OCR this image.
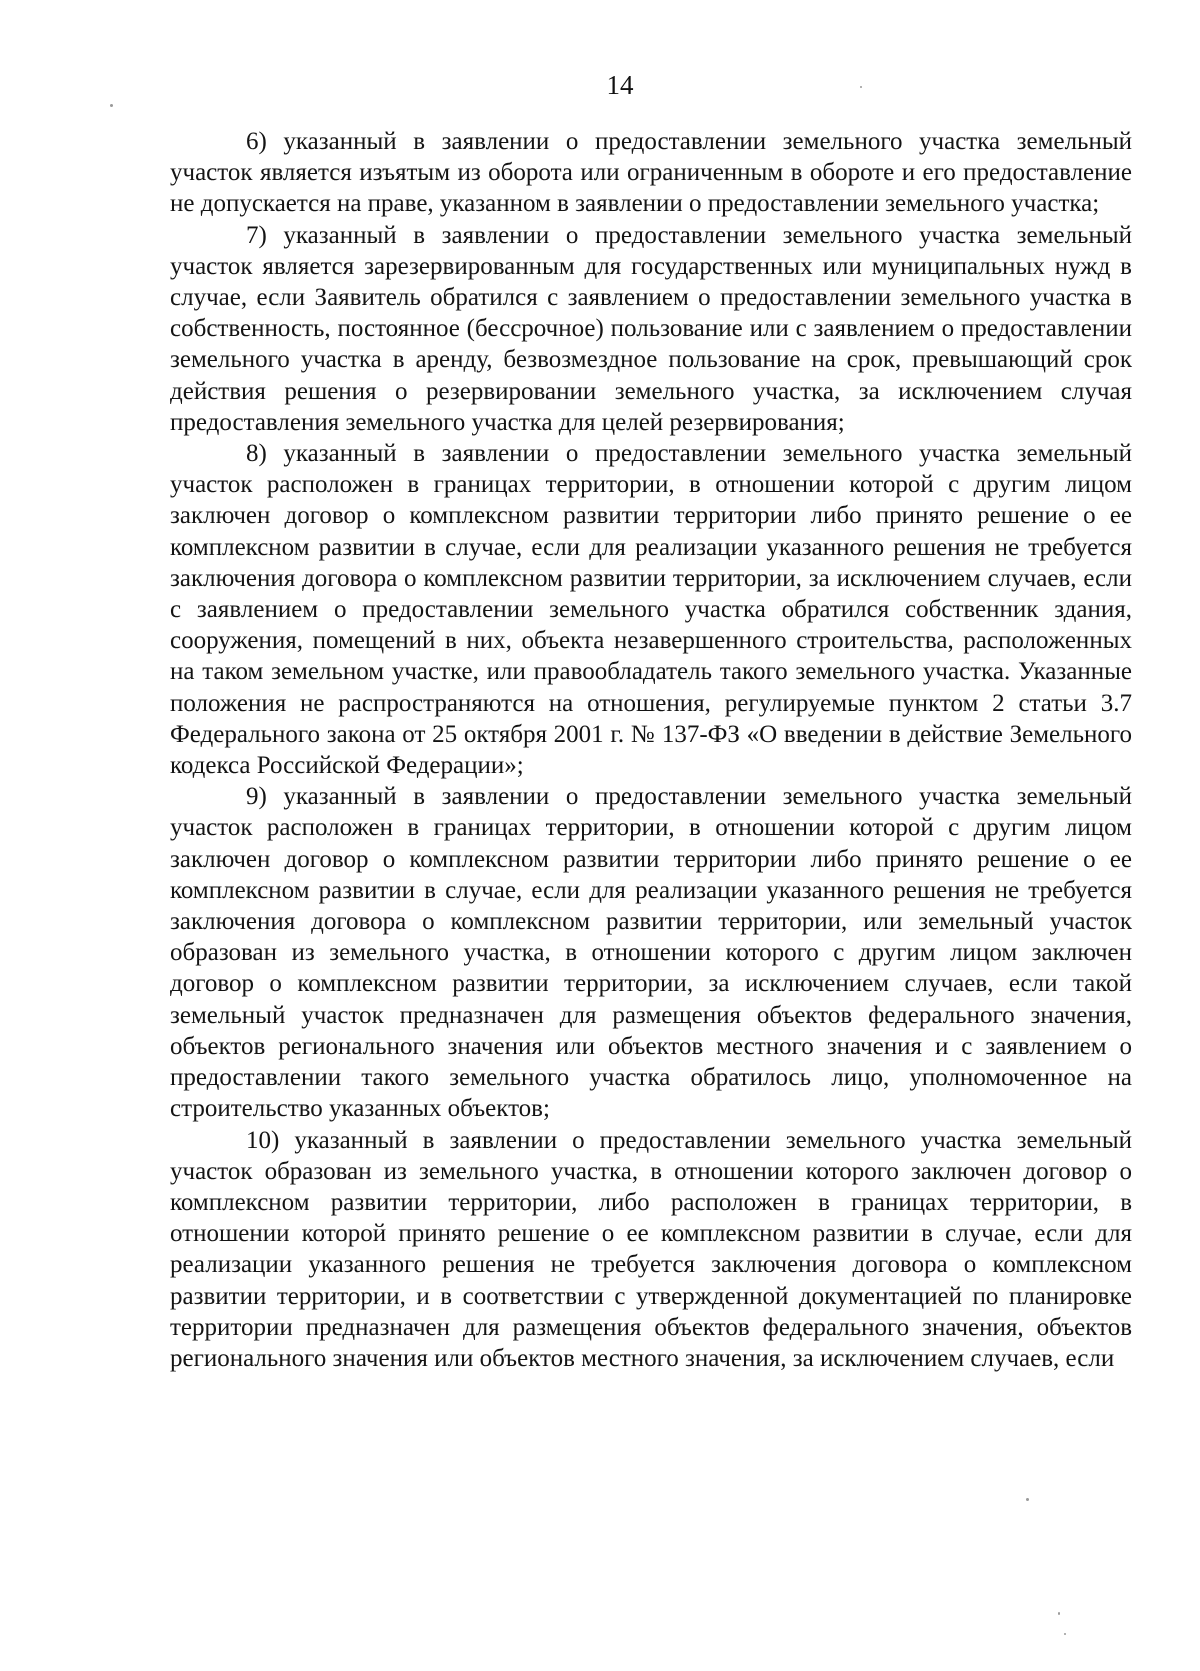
14

6) указанный в заявлении о предоставлении земельного участка земельный участок является изъятым из оборота или ограниченным в обороте и его предоставление не допускается на праве, указанном в заявлении о предоставлении земельного участка;

7) указанный в заявлении о предоставлении земельного участка земельный участок является зарезервированным для государственных или муниципальных нужд в случае, если Заявитель обратился с заявлением о предоставлении земельного участка в собственность, постоянное (бессрочное) пользование или с заявлением о предоставлении земельного участка в аренду, безвозмездное пользование на срок, превышающий срок действия решения о резервировании земельного участка, за исключением случая предоставления земельного участка для целей резервирования;

8) указанный в заявлении о предоставлении земельного участка земельный участок расположен в границах территории, в отношении которой с другим лицом заключен договор о комплексном развитии территории либо принято решение о ее комплексном развитии в случае, если для реализации указанного решения не требуется заключения договора о комплексном развитии территории, за исключением случаев, если с заявлением о предоставлении земельного участка обратился собственник здания, сооружения, помещений в них, объекта незавершенного строительства, расположенных на таком земельном участке, или правообладатель такого земельного участка. Указанные положения не распространяются на отношения, регулируемые пунктом 2 статьи 3.7 Федерального закона от 25 октября 2001 г. № 137-ФЗ «О введении в действие Земельного кодекса Российской Федерации»;

9) указанный в заявлении о предоставлении земельного участка земельный участок расположен в границах территории, в отношении которой с другим лицом заключен договор о комплексном развитии территории либо принято решение о ее комплексном развитии в случае, если для реализации указанного решения не требуется заключения договора о комплексном развитии территории, или земельный участок образован из земельного участка, в отношении которого с другим лицом заключен договор о комплексном развитии территории, за исключением случаев, если такой земельный участок предназначен для размещения объектов федерального значения, объектов регионального значения или объектов местного значения и с заявлением о предоставлении такого земельного участка обратилось лицо, уполномоченное на строительство указанных объектов;

10) указанный в заявлении о предоставлении земельного участка земельный участок образован из земельного участка, в отношении которого заключен договор о комплексном развитии территории, либо расположен в границах территории, в отношении которой принято решение о ее комплексном развитии в случае, если для реализации указанного решения не требуется заключения договора о комплексном развитии территории, и в соответствии с утвержденной документацией по планировке территории предназначен для размещения объектов федерального значения, объектов регионального значения или объектов местного значения, за исключением случаев, если
